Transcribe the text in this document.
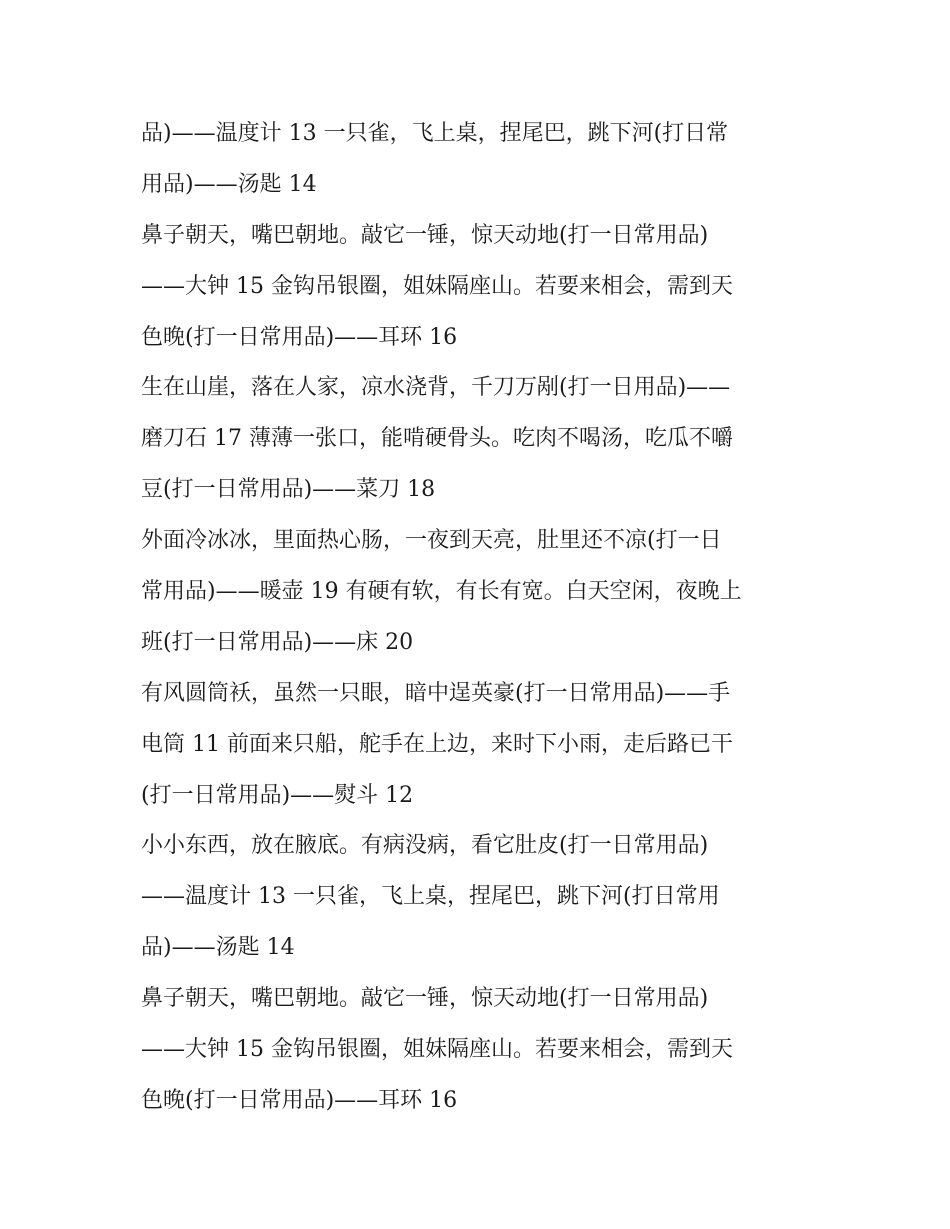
品)——温度计 13 一只雀，飞上桌，捏尾巴，跳下河(打日常
用品)——汤匙 14
鼻子朝天，嘴巴朝地。敲它一锤，惊天动地(打一日常用品)
——大钟 15 金钩吊银圈，姐妹隔座山。若要来相会，需到天
色晚(打一日常用品)——耳环 16
生在山崖，落在人家，凉水浇背，千刀万剐(打一日用品)——
磨刀石 17 薄薄一张口，能啃硬骨头。吃肉不喝汤，吃瓜不嚼
豆(打一日常用品)——菜刀 18
外面冷冰冰，里面热心肠，一夜到天亮，肚里还不凉(打一日
常用品)——暖壶 19 有硬有软，有长有宽。白天空闲，夜晚上
班(打一日常用品)——床 20
有风圆筒袄，虽然一只眼，暗中逞英豪(打一日常用品)——手
电筒 11 前面来只船，舵手在上边，来时下小雨，走后路已干
(打一日常用品)——熨斗 12
小小东西，放在腋底。有病没病，看它肚皮(打一日常用品)
——温度计 13 一只雀，飞上桌，捏尾巴，跳下河(打日常用
品)——汤匙 14
鼻子朝天，嘴巴朝地。敲它一锤，惊天动地(打一日常用品)
——大钟 15 金钩吊银圈，姐妹隔座山。若要来相会，需到天
色晚(打一日常用品)——耳环 16
